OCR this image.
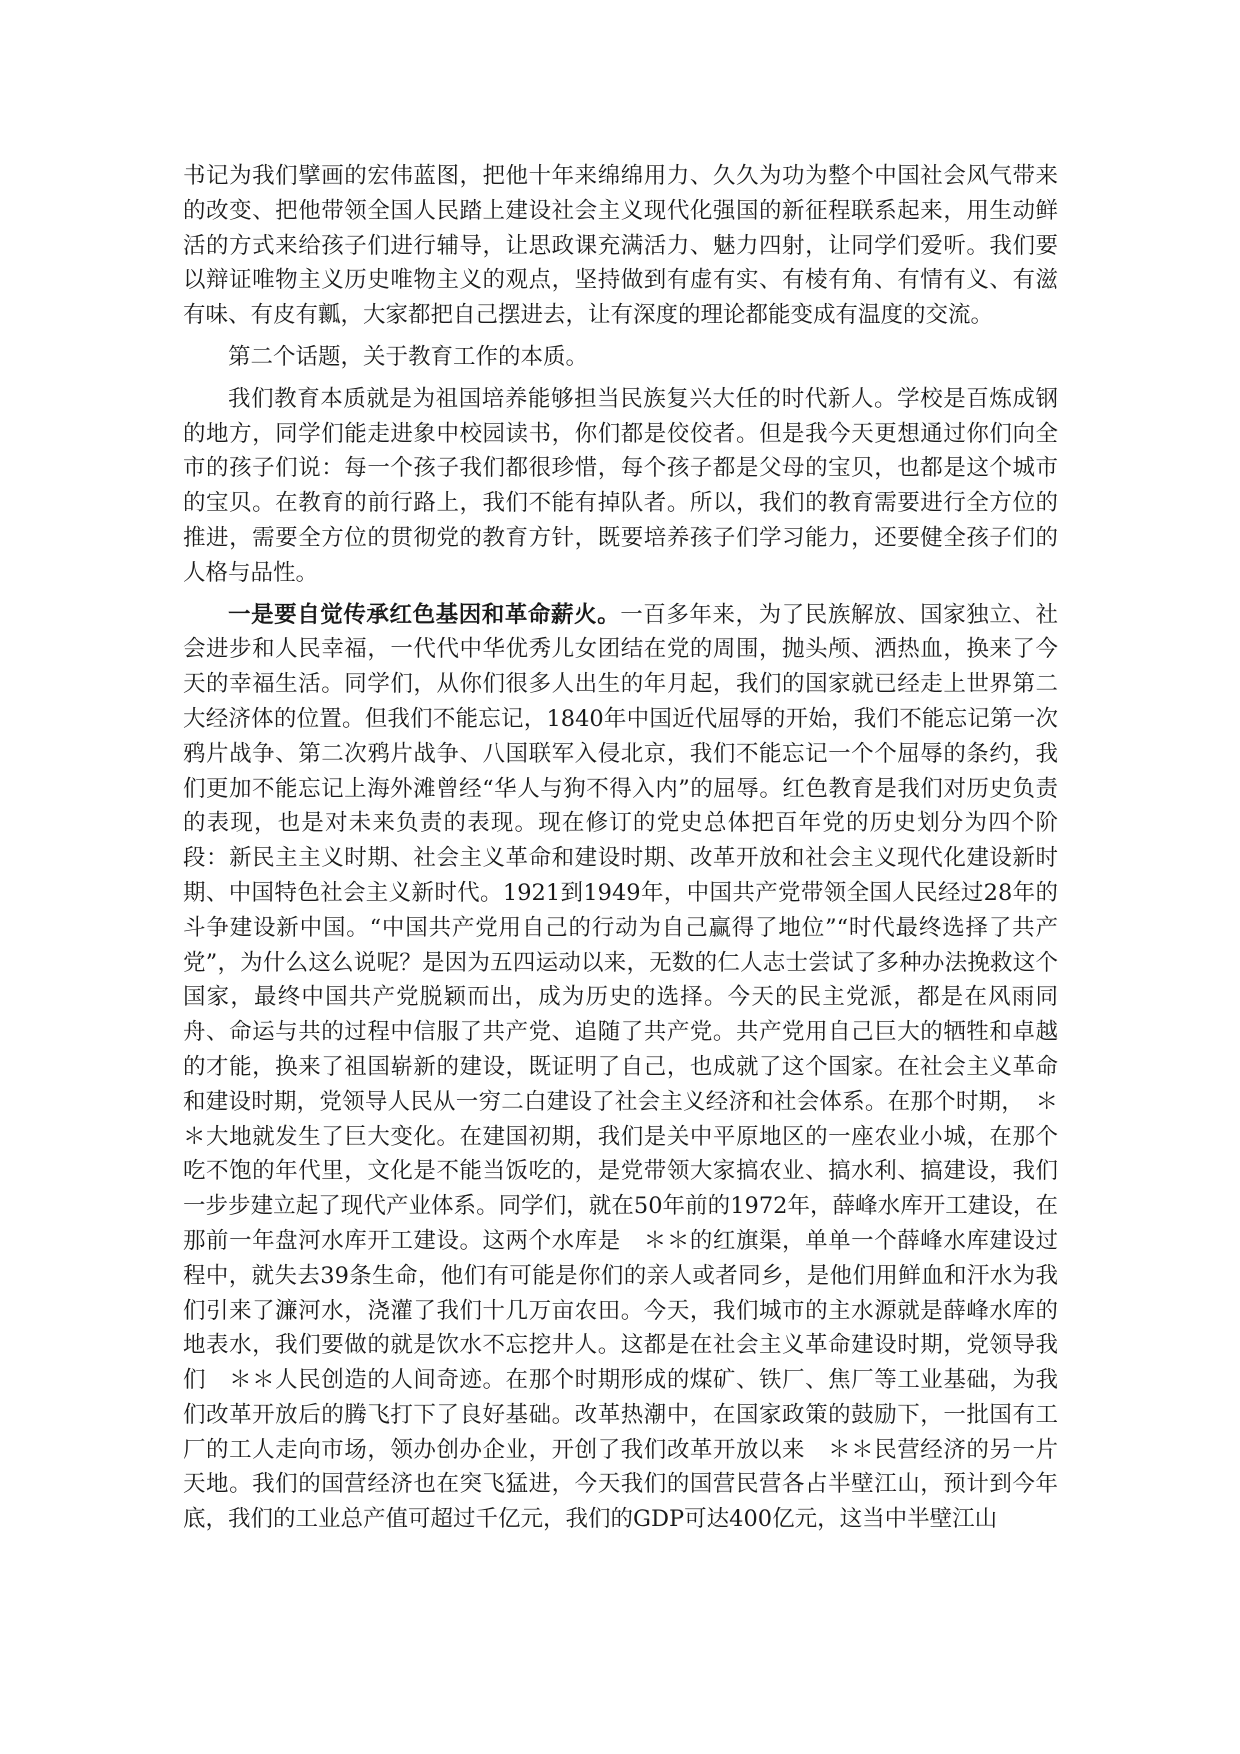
书记为我们擘画的宏伟蓝图，把他十年来绵绵用力、久久为功为整个中国社会风气带来的改变、把他带领全国人民踏上建设社会主义现代化强国的新征程联系起来，用生动鲜活的方式来给孩子们进行辅导，让思政课充满活力、魅力四射，让同学们爱听。我们要以辩证唯物主义历史唯物主义的观点，坚持做到有虚有实、有棱有角、有情有义、有滋有味、有皮有瓤，大家都把自己摆进去，让有深度的理论都能变成有温度的交流。

第二个话题，关于教育工作的本质。

我们教育本质就是为祖国培养能够担当民族复兴大任的时代新人。学校是百炼成钢的地方，同学们能走进象中校园读书，你们都是佼佼者。但是我今天更想通过你们向全市的孩子们说：每一个孩子我们都很珍惜，每个孩子都是父母的宝贝，也都是这个城市的宝贝。在教育的前行路上，我们不能有掉队者。所以，我们的教育需要进行全方位的推进，需要全方位的贯彻党的教育方针，既要培养孩子们学习能力，还要健全孩子们的人格与品性。

一是要自觉传承红色基因和革命薪火。一百多年来，为了民族解放、国家独立、社会进步和人民幸福，一代代中华优秀儿女团结在党的周围，抛头颅、洒热血，换来了今天的幸福生活。同学们，从你们很多人出生的年月起，我们的国家就已经走上世界第二大经济体的位置。但我们不能忘记，1840年中国近代屈辱的开始，我们不能忘记第一次鸦片战争、第二次鸦片战争、八国联军入侵北京，我们不能忘记一个个屈辱的条约，我们更加不能忘记上海外滩曾经“华人与狗不得入内”的屈辱。红色教育是我们对历史负责的表现，也是对未来负责的表现。现在修订的党史总体把百年党的历史划分为四个阶段：新民主主义时期、社会主义革命和建设时期、改革开放和社会主义现代化建设新时期、中国特色社会主义新时代。1921到1949年，中国共产党带领全国人民经过28年的斗争建设新中国。“中国共产党用自己的行动为自己赢得了地位”“时代最终选择了共产党”，为什么这么说呢？是因为五四运动以来，无数的仁人志士尝试了多种办法挽救这个国家，最终中国共产党脱颖而出，成为历史的选择。今天的民主党派，都是在风雨同舟、命运与共的过程中信服了共产党、追随了共产党。共产党用自己巨大的牺牲和卓越的才能，换来了祖国崭新的建设，既证明了自己，也成就了这个国家。在社会主义革命和建设时期，党领导人民从一穷二白建设了社会主义经济和社会体系。在那个时期，　＊＊大地就发生了巨大变化。在建国初期，我们是关中平原地区的一座农业小城，在那个吃不饱的年代里，文化是不能当饭吃的，是党带领大家搞农业、搞水利、搞建设，我们一步步建立起了现代产业体系。同学们，就在50年前的1972年，薛峰水库开工建设，在那前一年盘河水库开工建设。这两个水库是　＊＊的红旗渠，单单一个薛峰水库建设过程中，就失去39条生命，他们有可能是你们的亲人或者同乡，是他们用鲜血和汗水为我们引来了濂河水，浇灌了我们十几万亩农田。今天，我们城市的主水源就是薛峰水库的地表水，我们要做的就是饮水不忘挖井人。这都是在社会主义革命建设时期，党领导我们　＊＊人民创造的人间奇迹。在那个时期形成的煤矿、铁厂、焦厂等工业基础，为我们改革开放后的腾飞打下了良好基础。改革热潮中，在国家政策的鼓励下，一批国有工厂的工人走向市场，领办创办企业，开创了我们改革开放以来　＊＊民营经济的另一片天地。我们的国营经济也在突飞猛进，今天我们的国营民营各占半壁江山，预计到今年底，我们的工业总产值可超过千亿元，我们的GDP可达400亿元，这当中半壁江山
